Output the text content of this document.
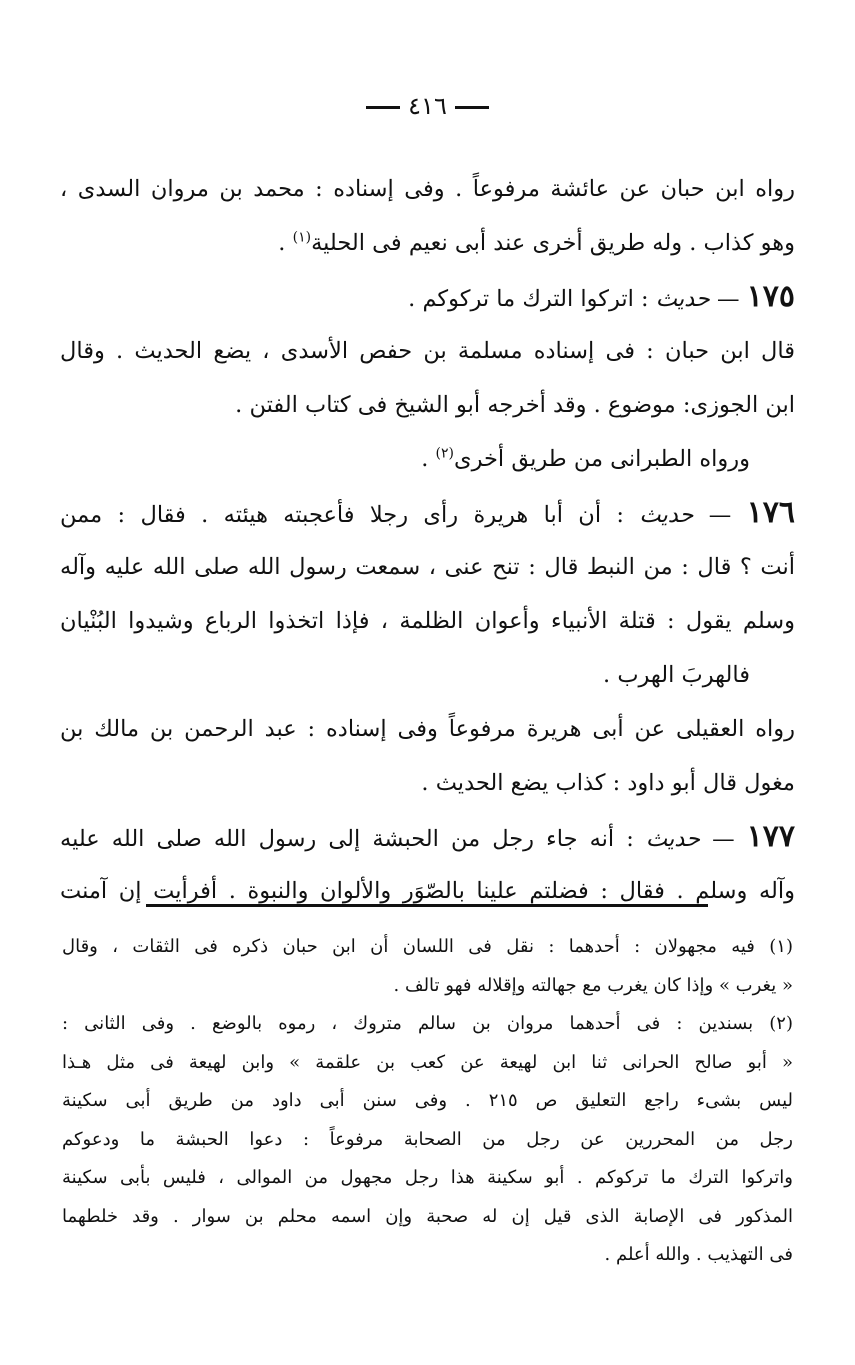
٤١٦
رواه ابن حبان عن عائشة مرفوعاً . وفى إسناده : محمد بن مروان السدى ،
وهو كذاب . وله طريق أخرى عند أبى نعيم فى الحلية$^{(١)}$ .
١٧٥ — حديث : اتركوا الترك ما تركوكم .
قال ابن حبان : فى إسناده مسلمة بن حفص الأسدى ، يضع الحديث . وقال
ابن الجوزى: موضوع . وقد أخرجه أبو الشيخ فى كتاب الفتن .
ورواه الطبرانى من طريق أخرى$^{(٢)}$ .
١٧٦ — حديث : أن أبا هريرة رأى رجلا فأعجبته هيئته . فقال : ممن
أنت ؟ قال : من النبط قال : تنح عنى ، سمعت رسول الله صلى الله عليه وآله
وسلم يقول : قتلة الأنبياء وأعوان الظلمة ، فإذا اتخذوا الرباع وشيدوا البُنْيان
فالهربَ الهرب .
رواه العقيلى عن أبى هريرة مرفوعاً وفى إسناده : عبد الرحمن بن مالك بن
مغول قال أبو داود : كذاب يضع الحديث .
١٧٧ — حديث : أنه جاء رجل من الحبشة إلى رسول الله صلى الله عليه
وآله وسلم . فقال : فضلتم علينا بالصّوَر والألوان والنبوة . أفرأيت إن آمنت
(١) فيه مجهولان : أحدهما : نقل فى اللسان أن ابن حبان ذكره فى الثقات ، وقال
« يغرب » وإذا كان يغرب مع جهالته وإقلاله فهو تالف .
(٢) بسندين : فى أحدهما مروان بن سالم متروك ، رموه بالوضع . وفى الثانى :
« أبو صالح الحرانى ثنا ابن لهيعة عن كعب بن علقمة » وابن لهيعة فى مثل هـذا
ليس بشىء راجع التعليق ص ٢١٥ . وفى سنن أبى داود من طريق أبى سكينة
رجل من المحررين عن رجل من الصحابة مرفوعاً : دعوا الحبشة ما ودعوكم
واتركوا الترك ما تركوكم . أبو سكينة هذا رجل مجهول من الموالى ، فليس بأبى سكينة
المذكور فى الإصابة الذى قيل إن له صحبة وإن اسمه محلم بن سوار . وقد خلطهما
فى التهذيب . والله أعلم .
